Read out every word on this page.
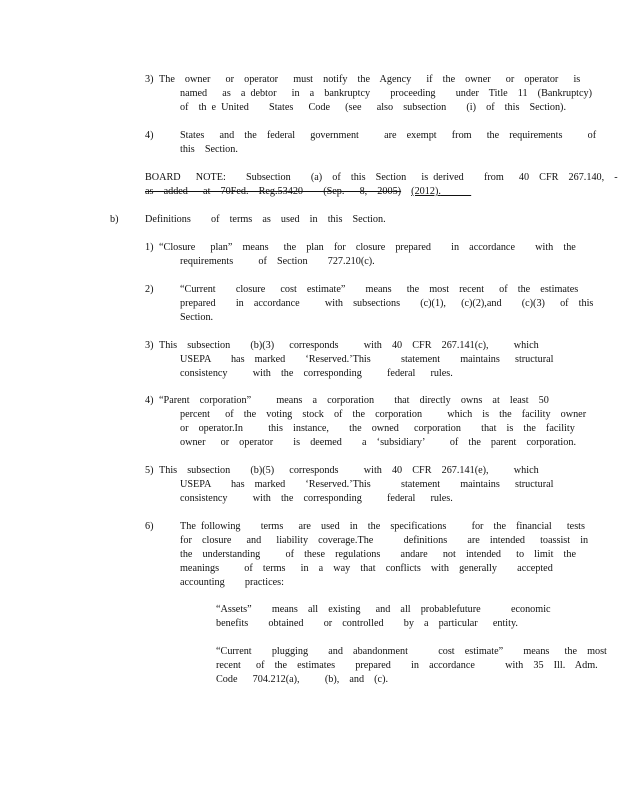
3) The  owner   or  operator   must  notify  the  Agency   if  the  owner   or  operator   is
named   as  a debtor   in  a  bankruptcy    proceeding    under  Title  11  (Bankruptcy)
of  th e United    States   Code   (see   also  subsection    (i)  of  this  Section).
4)	States   and  the  federal   government     are  exempt   from   the  requirements     of
this  Section.
BOARD   NOTE:    Subsection    (a)  of  this  Section   is derived    from   40  CFR  267.140,  -
as  added   at  70Fed.  Reg.53420    (Sep.   8,  2005) (2012).
b)	Definitions    of  terms  as  used  in  this  Section.
1) “Closure   plan”  means   the  plan  for  closure  prepared    in  accordance    with  the
requirements     of  Section    727.210(c).
2)	“Current    closure   cost  estimate”    means   the  most  recent   of  the  estimates
prepared    in  accordance     with  subsections    (c)(1),   (c)(2),and    (c)(3)   of  this
Section.
3) This  subsection    (b)(3)   corresponds     with  40  CFR  267.141(c),     which
USEPA    has  marked    ‘Reserved.’This      statement    maintains   structural
consistency     with  the  corresponding     federal   rules.
4) “Parent  corporation”     means  a  corporation    that  directly  owns  at  least  50
percent   of  the  voting  stock  of  the  corporation     which  is  the  facility  owner
or  operator.In     this  instance,    the  owned   corporation    that  is  the  facility
owner   or  operator    is  deemed    a  ‘subsidiary’     of  the  parent  corporation.
5) This  subsection    (b)(5)   corresponds     with  40  CFR  267.141(e),     which
USEPA    has  marked    ‘Reserved.’This      statement    maintains   structural
consistency     with  the  corresponding     federal   rules.
6)	The following    terms   are  used  in  the  specifications     for  the  financial   tests
for  closure   and   liability  coverage.The      definitions    are  intended   toassist  in
the  understanding     of  these  regulations    andare   not  intended   to  limit  the
meanings     of  terms   in  a  way  that  conflicts  with  generally    accepted
accounting    practices:
“Assets”    means  all  existing   and  all  probablefuture      economic
benefits    obtained    or  controlled    by  a  particular   entity.
“Current    plugging    and  abandonment      cost  estimate”    means   the  most
recent   of  the  estimates    prepared    in  accordance      with  35  Ill.  Adm.
Code   704.212(a),     (b),  and  (c).
